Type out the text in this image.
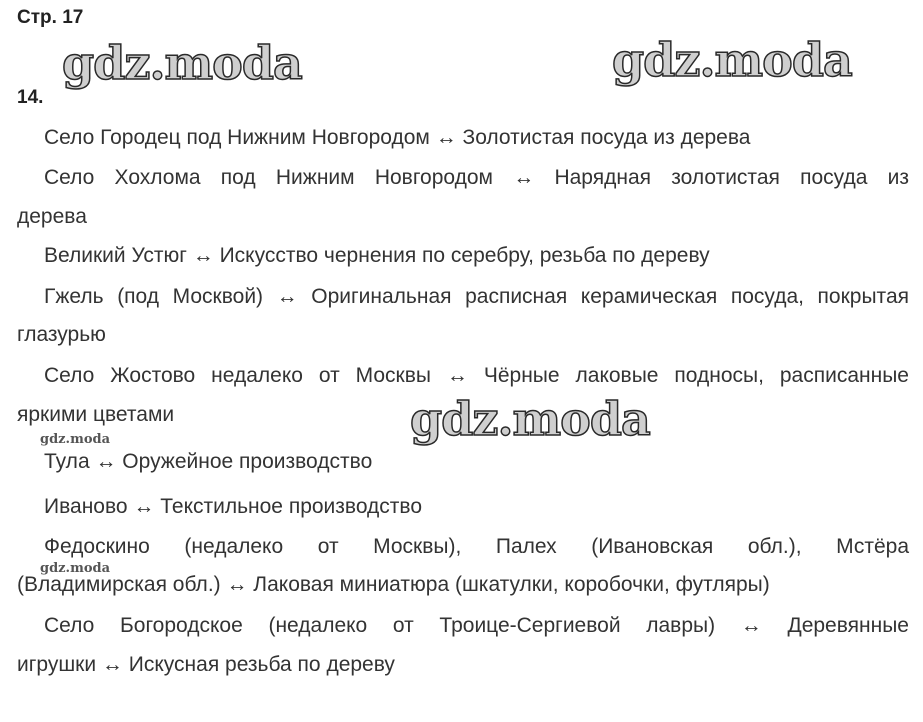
Стр. 17
14.
Село Городец под Нижним Новгородом ↔ Золотистая посуда из дерева
Село Хохлома под Нижним Новгородом ↔ Нарядная золотистая посуда из
дерева
Великий Устюг ↔ Искусство чернения по серебру, резьба по дереву
Гжель (под Москвой) ↔ Оригинальная расписная керамическая посуда, покрытая
глазурью
Село Жостово недалеко от Москвы ↔ Чёрные лаковые подносы, расписанные
яркими цветами
Тула ↔ Оружейное производство
Иваново ↔ Текстильное производство
Федоскино (недалеко от Москвы), Палех (Ивановская обл.), Мстёра
(Владимирская обл.) ↔ Лаковая миниатюра (шкатулки, коробочки, футляры)
Село Богородское (недалеко от Троице-Сергиевой лавры) ↔ Деревянные
игрушки ↔ Искусная резьба по дереву
gdz.moda	gdz.moda
gdz.moda
gdz.moda
gdz.moda
